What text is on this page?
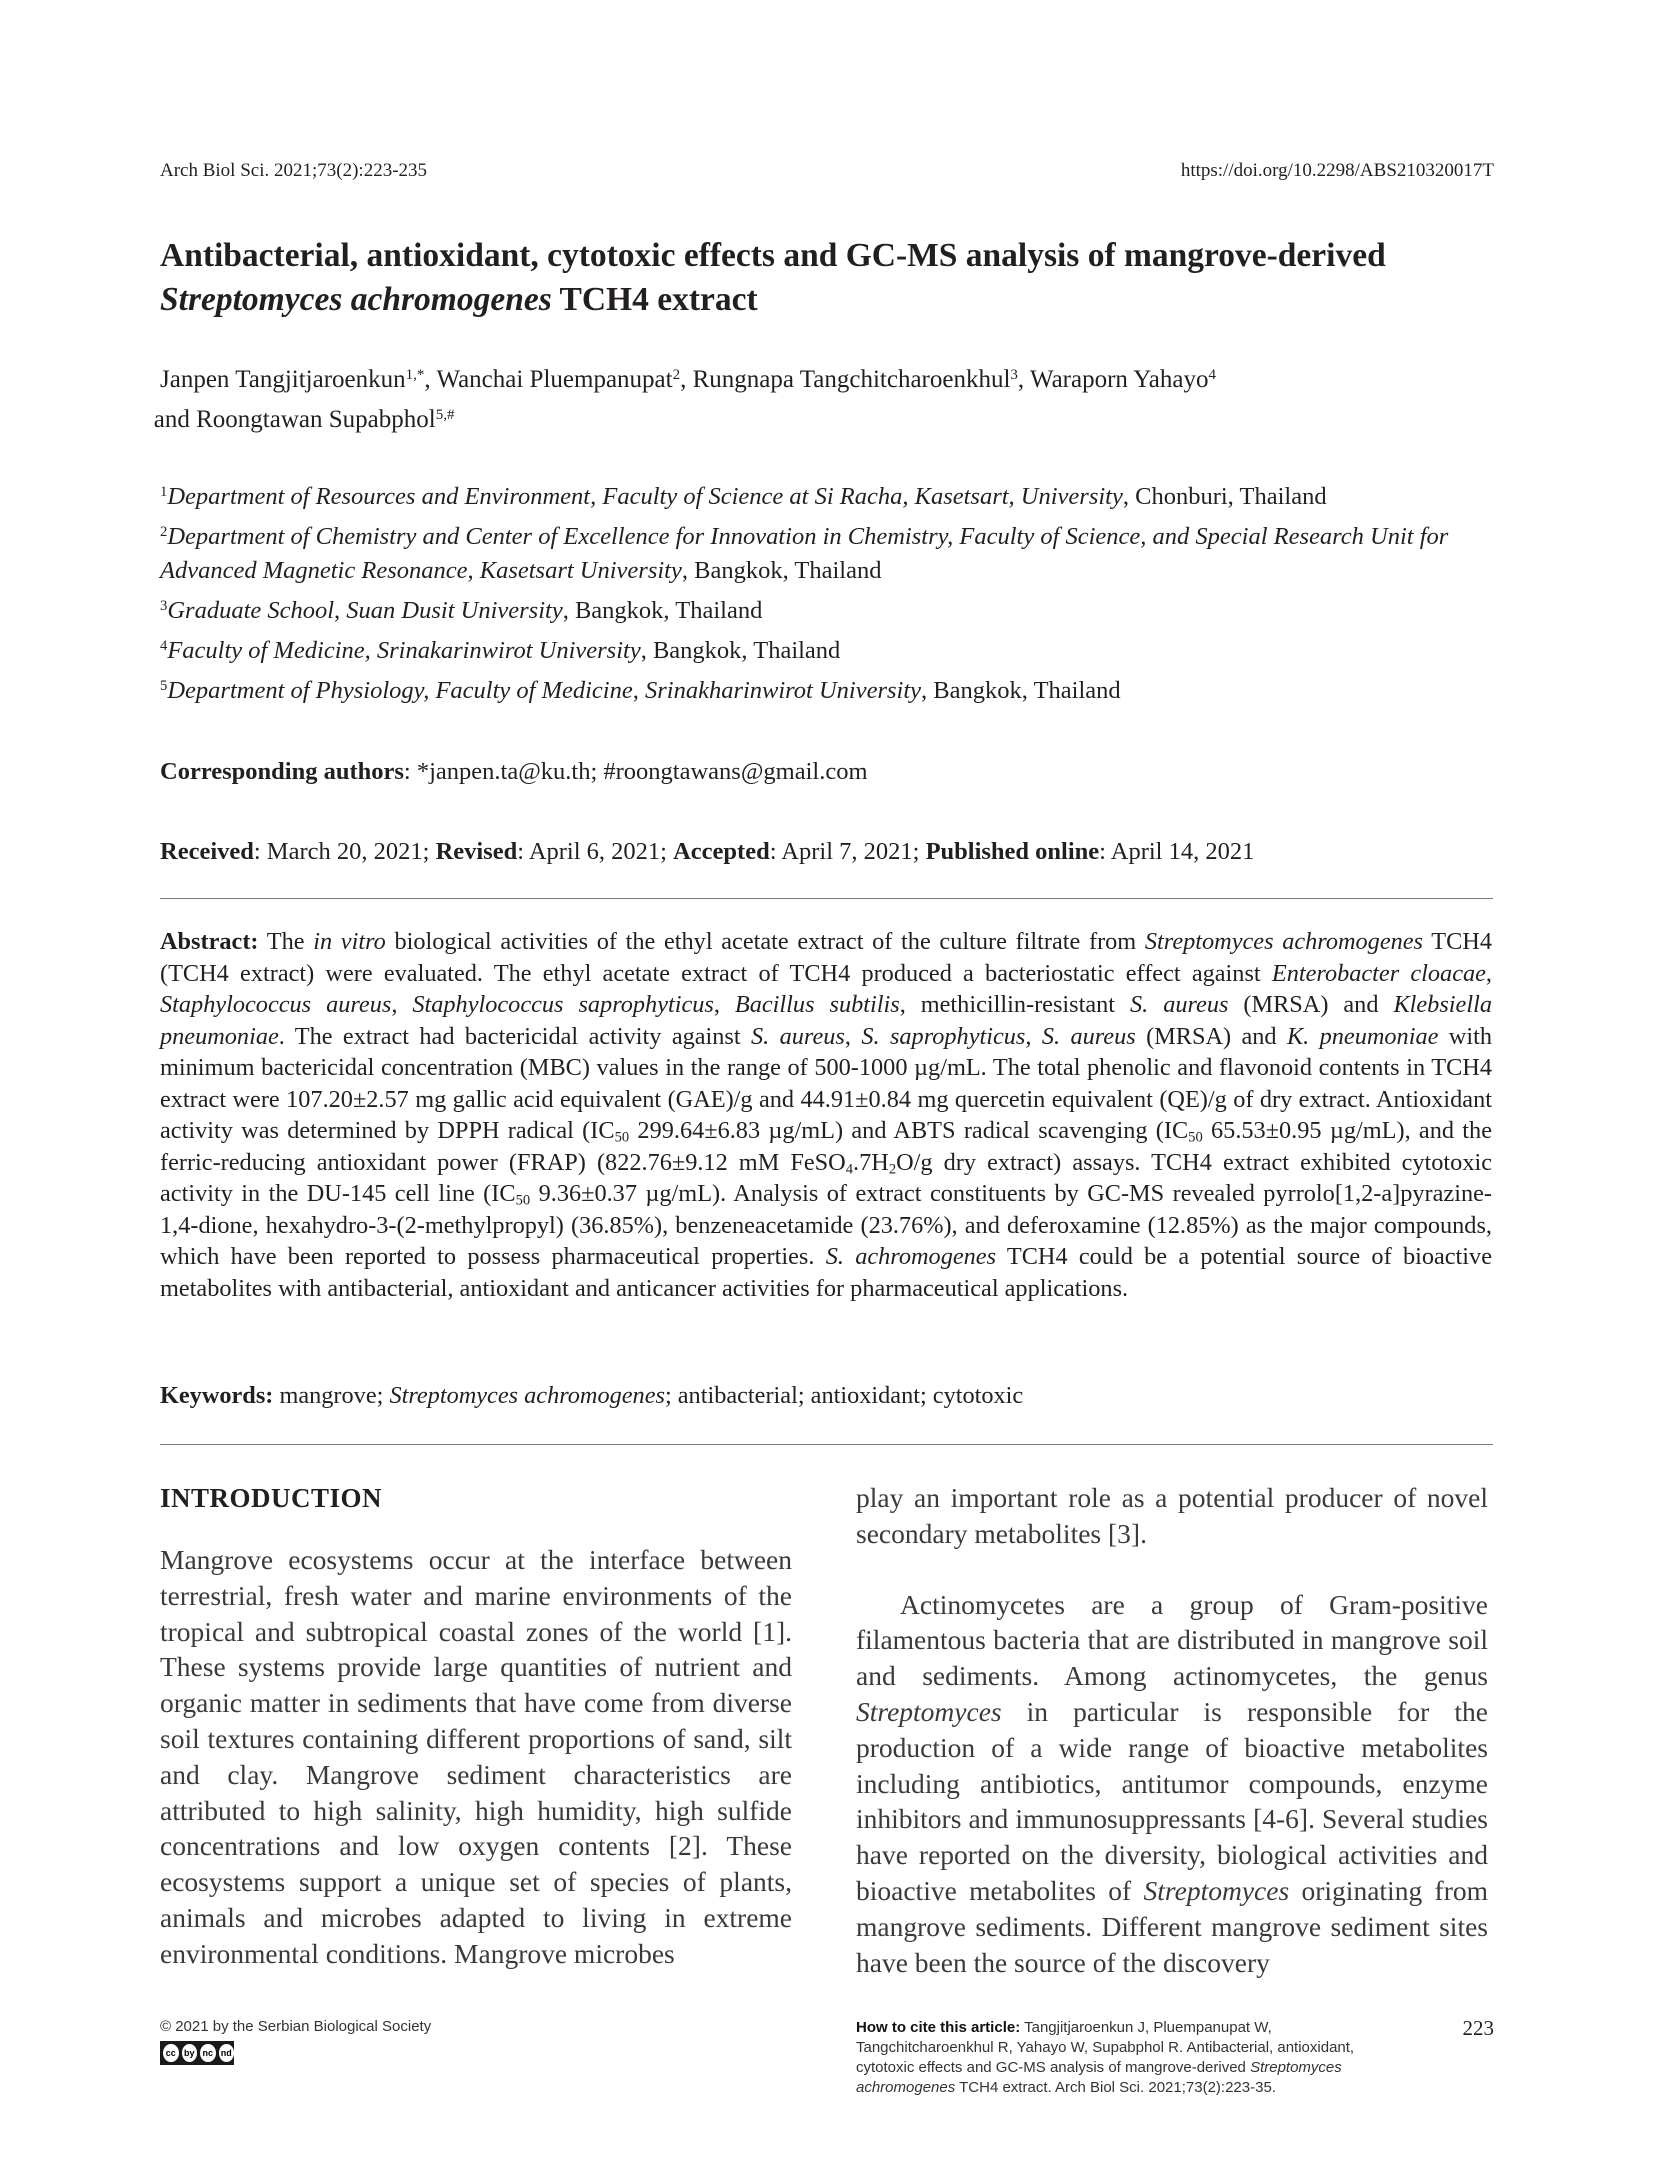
Arch Biol Sci. 2021;73(2):223-235	https://doi.org/10.2298/ABS210320017T
Antibacterial, antioxidant, cytotoxic effects and GC-MS analysis of mangrove-derived
Streptomyces achromogenes TCH4 extract
Janpen Tangjitjaroenkun$^{1,*}$, Wanchai Pluempanupat$^2$, Rungnapa Tangchitcharoenkhul$^3$, Waraporn Yahayo$^4$
and Roongtawan Supabphol$^{5,\#}$
$^1$Department of Resources and Environment, Faculty of Science at Si Racha, Kasetsart, University, Chonburi, Thailand
$^2$Department of Chemistry and Center of Excellence for Innovation in Chemistry, Faculty of Science, and Special Research Unit for Advanced Magnetic Resonance, Kasetsart University, Bangkok, Thailand
$^3$Graduate School, Suan Dusit University, Bangkok, Thailand
$^4$Faculty of Medicine, Srinakarinwirot University, Bangkok, Thailand
$^5$Department of Physiology, Faculty of Medicine, Srinakharinwirot University, Bangkok, Thailand
Corresponding authors: *janpen.ta@ku.th; #roongtawans@gmail.com
Received: March 20, 2021; Revised: April 6, 2021; Accepted: April 7, 2021; Published online: April 14, 2021
Abstract: The in vitro biological activities of the ethyl acetate extract of the culture filtrate from Streptomyces achromogenes TCH4 (TCH4 extract) were evaluated. The ethyl acetate extract of TCH4 produced a bacteriostatic effect against Enterobacter cloacae, Staphylococcus aureus, Staphylococcus saprophyticus, Bacillus subtilis, methicillin-resistant S. aureus (MRSA) and Klebsiella pneumoniae. The extract had bactericidal activity against S. aureus, S. saprophyticus, S. aureus (MRSA) and K. pneumoniae with minimum bactericidal concentration (MBC) values in the range of 500-1000 µg/mL. The total phenolic and flavonoid contents in TCH4 extract were 107.20±2.57 mg gallic acid equivalent (GAE)/g and 44.91±0.84 mg quercetin equivalent (QE)/g of dry extract. Antioxidant activity was determined by DPPH radical ($IC_{50}$ 299.64±6.83 µg/mL) and ABTS radical scavenging ($IC_{50}$ 65.53±0.95 µg/mL), and the ferric-reducing antioxidant power (FRAP) (822.76±9.12 mM $FeSO_4.7H_2O/g$ dry extract) assays. TCH4 extract exhibited cytotoxic activity in the DU-145 cell line ($IC_{50}$ 9.36±0.37 µg/mL). Analysis of extract constituents by GC-MS revealed pyrrolo[1,2-a]pyrazine-1,4-dione, hexahydro-3-(2-methylpropyl) (36.85%), benzeneacetamide (23.76%), and deferoxamine (12.85%) as the major compounds, which have been reported to possess pharmaceutical properties. S. achromogenes TCH4 could be a potential source of bioactive metabolites with antibacterial, antioxidant and anticancer activities for pharmaceutical applications.
Keywords: mangrove; Streptomyces achromogenes; antibacterial; antioxidant; cytotoxic
INTRODUCTION

Mangrove ecosystems occur at the interface between terrestrial, fresh water and marine environments of the tropical and subtropical coastal zones of the world [1]. These systems provide large quantities of nutrient and organic matter in sediments that have come from diverse soil textures containing different proportions of sand, silt and clay. Mangrove sediment characteristics are attributed to high salinity, high humidity, high sulfide concentrations and low oxygen contents [2]. These ecosystems support a unique set of species of plants, animals and microbes adapted to living in extreme environmental conditions. Mangrove microbes

play an important role as a potential producer of novel secondary metabolites [3].

Actinomycetes are a group of Gram-positive filamentous bacteria that are distributed in mangrove soil and sediments. Among actinomycetes, the genus Streptomyces in particular is responsible for the production of a wide range of bioactive metabolites including antibiotics, antitumor compounds, enzyme inhibitors and immunosuppressants [4-6]. Several studies have reported on the diversity, biological activities and bioactive metabolites of Streptomyces originating from mangrove sediments. Different mangrove sediment sites have been the source of the discovery

© 2021 by the Serbian Biological Society
cc by nc nd
How to cite this article: Tangjitjaroenkun J, Pluempanupat W, Tangchitcharoenkhul R, Yahayo W, Supabphol R. Antibacterial, antioxidant, cytotoxic effects and GC-MS analysis of mangrove-derived Streptomyces achromogenes TCH4 extract. Arch Biol Sci. 2021;73(2):223-35.
223
